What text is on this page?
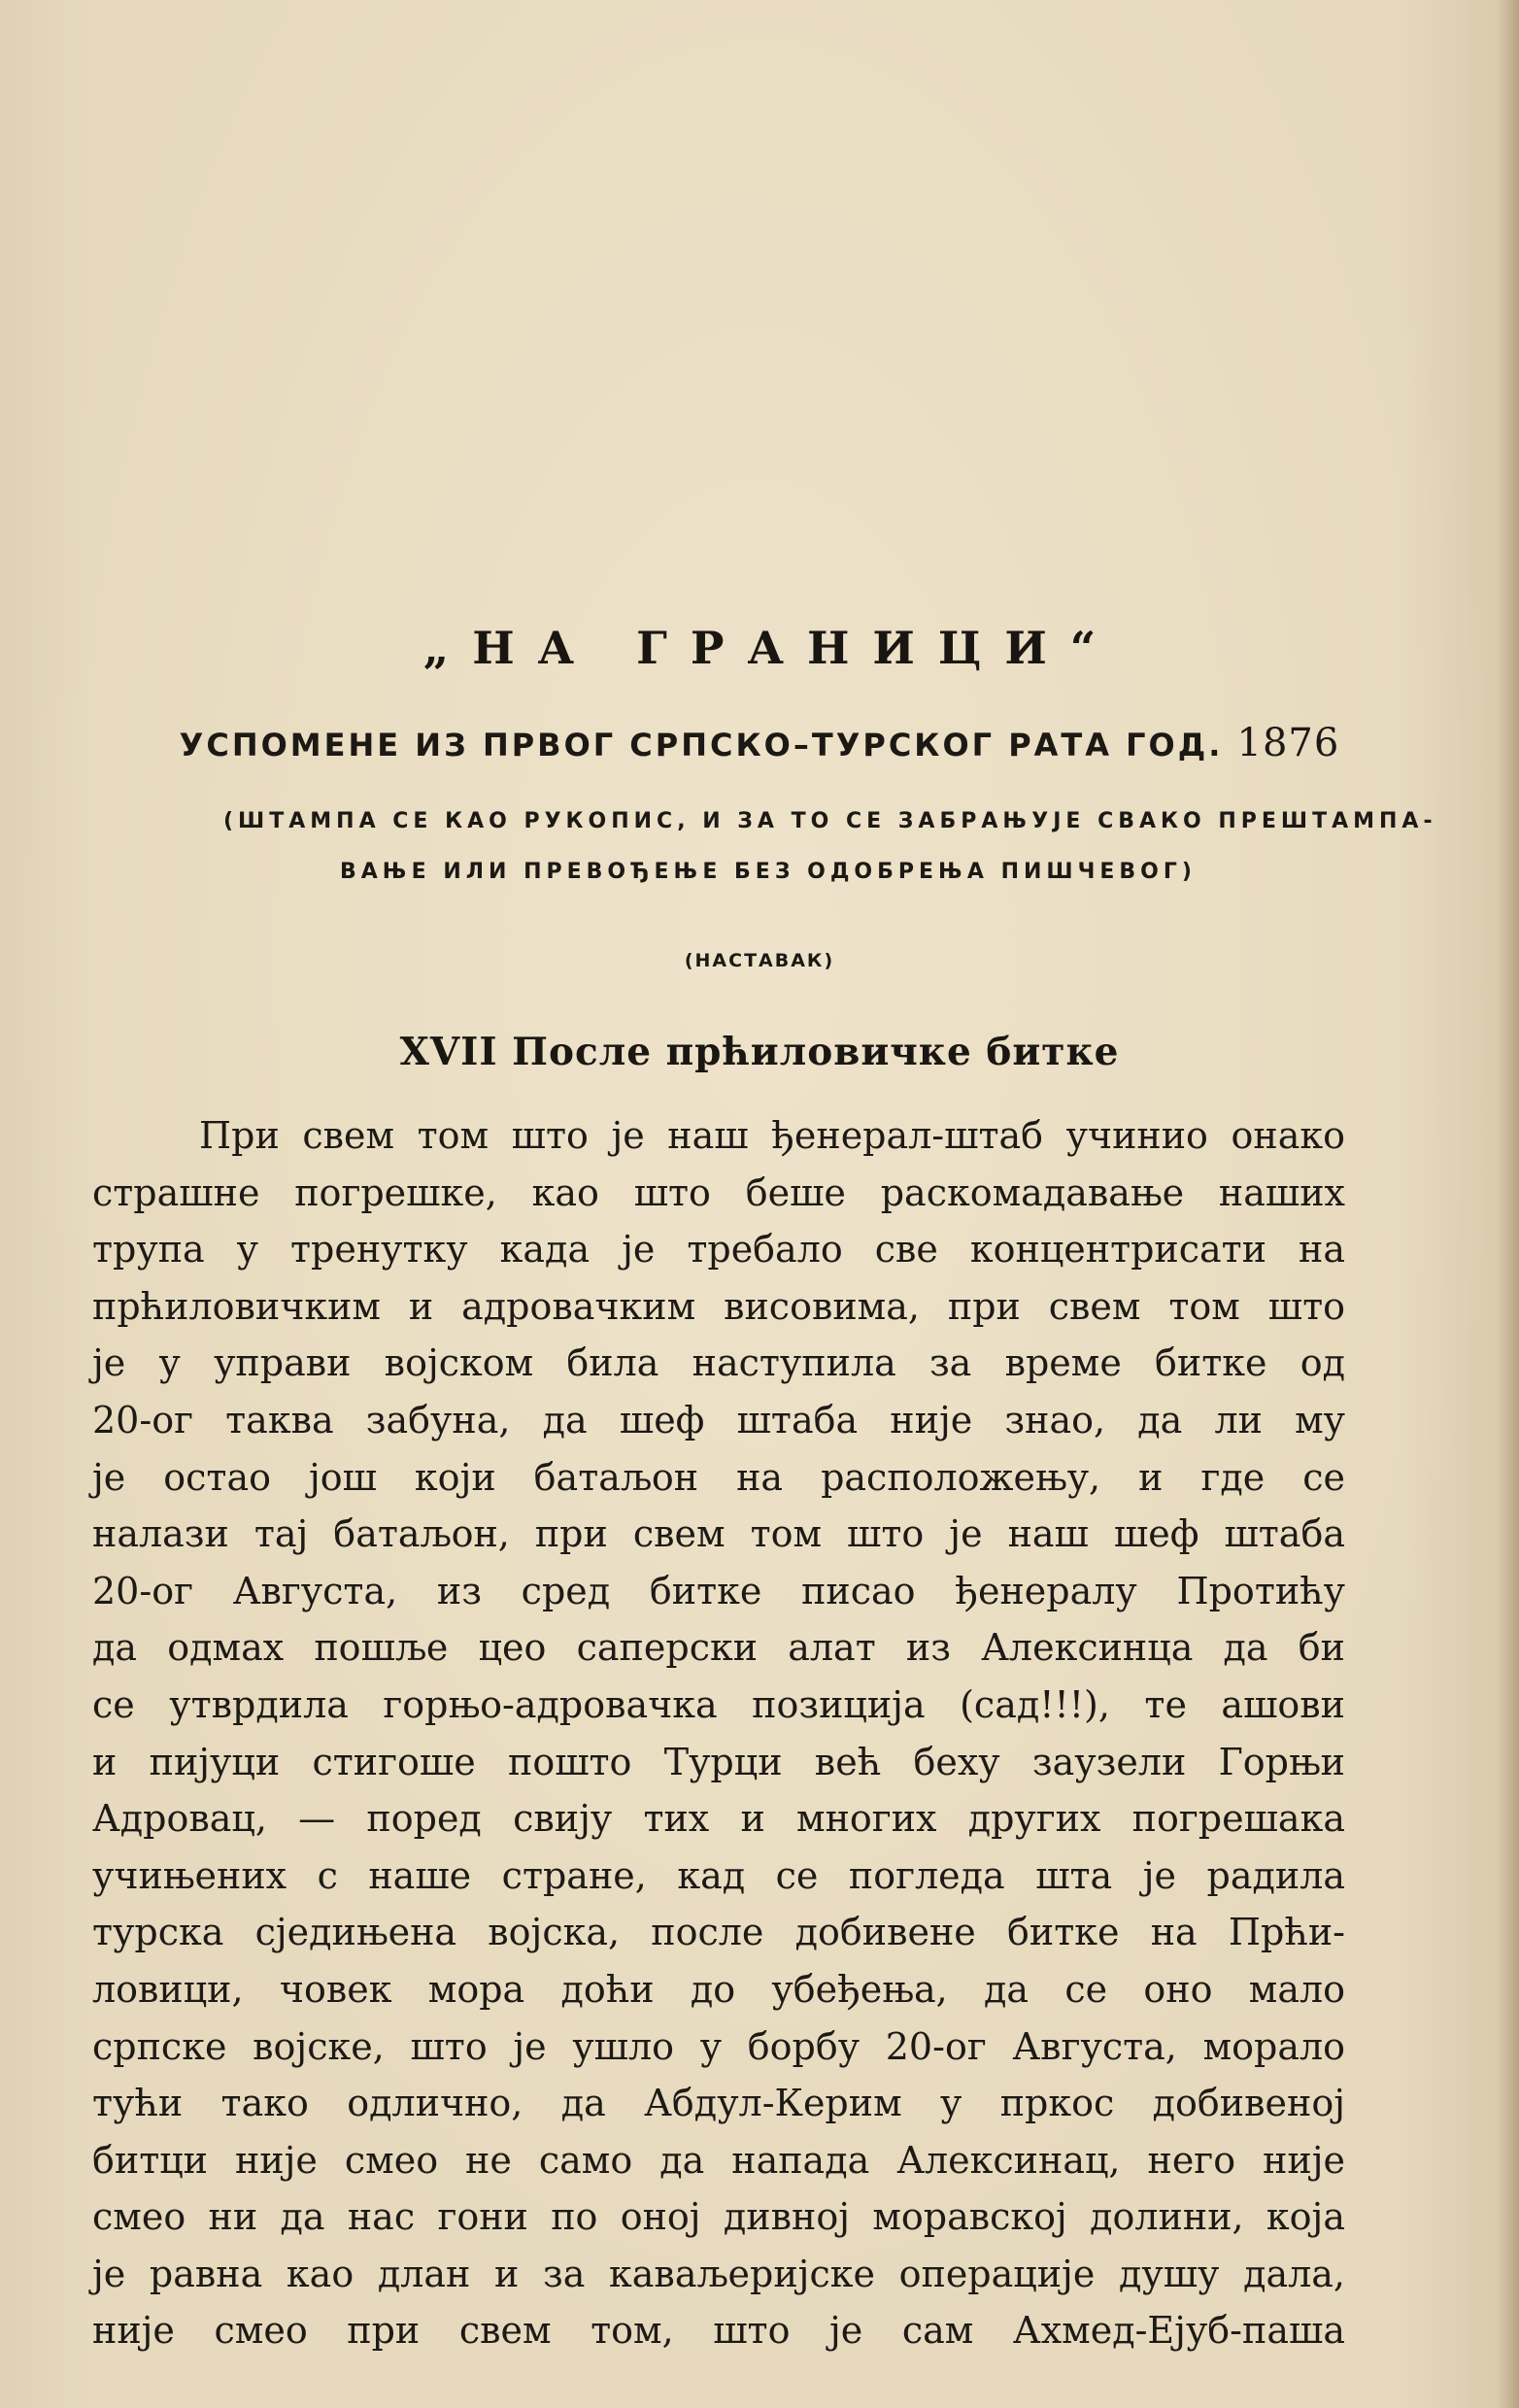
„НА ГРАНИЦИ“
УСПОМЕНЕ ИЗ ПРВОГ СРПСКО–ТУРСКОГ РАТА ГОД. 1876
(ШТАМПА СЕ КАО РУКОПИС, И ЗА ТО СЕ ЗАБРАЊУЈЕ СВАКО ПРЕШТАМПА-
ВАЊЕ ИЛИ ПРЕВОЂЕЊЕ БЕЗ ОДОБРЕЊА ПИШЧЕВОГ)
(НАСТАВАК)
XVII После прћиловичке битке
При свем том што је наш ђенерал-штаб учинио онако
страшне погрешке, као што беше раскомадавање наших
трупа у тренутку када је требало све концентрисати на
прћиловичким и адровачким висовима, при свем том што
је у управи војском била наступила за време битке од
20-ог таква забуна, да шеф штаба није знао, да ли му
је остао још који батаљон на расположењу, и где се
налази тај батаљон, при свем том што је наш шеф штаба
20-ог Августа, из сред битке писао ђенералу Протићу
да одмах пошље цео саперски алат из Алексинца да би
се утврдила горњо-адровачка позиција (сад!!!), те ашови
и пијуци стигоше пошто Турци већ беху заузели Горњи
Адровац, — поред свију тих и многих других погрешака
учињених с наше стране, кад се погледа шта је радила
турска сједињена војска, после добивене битке на Прћи-
ловици, човек мора доћи до убеђења, да се оно мало
српске војске, што је ушло у борбу 20-ог Августа, морало
тући тако одлично, да Абдул-Керим у пркос добивеној
битци није смео не само да напада Алексинац, него није
смео ни да нас гони по оној дивној моравској долини, која
је равна као длан и за каваљеријске операције душу дала,
није смео при свем том, што је сам Ахмед-Ејуб-паша
